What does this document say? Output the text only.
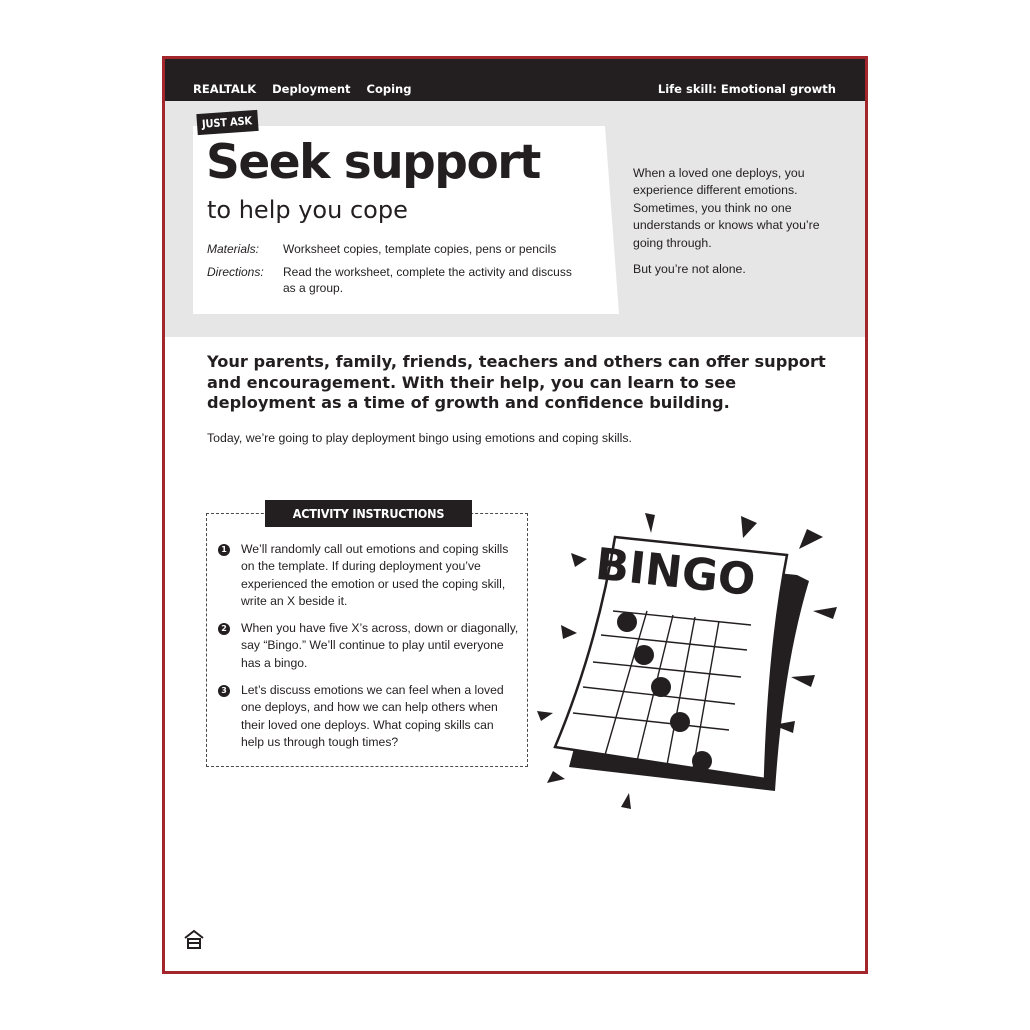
REALTALK Deployment Coping	Life skill: Emotional growth
JUST ASK
Seek support
to help you cope
Materials: Worksheet copies, template copies, pens or pencils
Directions: Read the worksheet, complete the activity and discuss as a group.

When a loved one deploys, you experience different emotions. Sometimes, you think no one understands or knows what you’re going through.

But you’re not alone.

Your parents, family, friends, teachers and others can offer support and encouragement. With their help, you can learn to see deployment as a time of growth and confidence building.
Today, we’re going to play deployment bingo using emotions and coping skills.
ACTIVITY INSTRUCTIONS
1 We’ll randomly call out emotions and coping skills on the template. If during deployment you’ve experienced the emotion or used the coping skill, write an X beside it.
2 When you have five X’s across, down or diagonally, say “Bingo.” We’ll continue to play until everyone has a bingo.
3 Let’s discuss emotions we can feel when a loved one deploys, and how we can help others when their loved one deploys. What coping skills can help us through tough times?
BINGO
